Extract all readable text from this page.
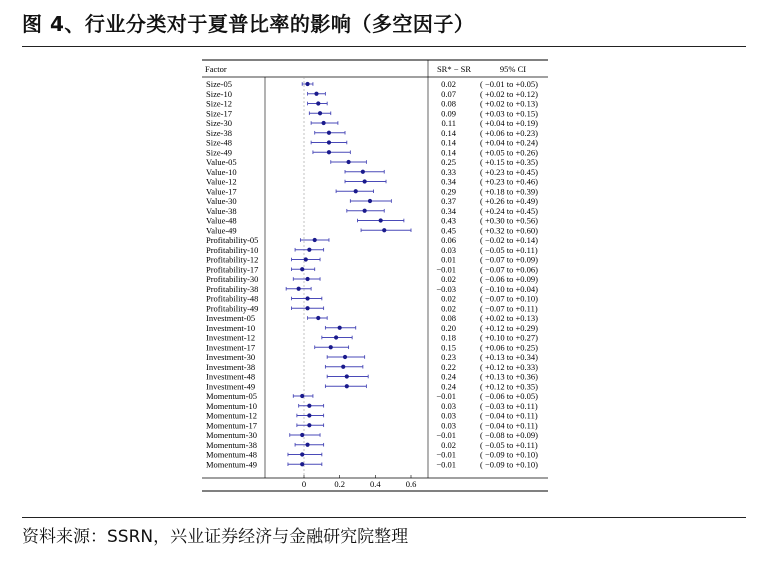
图 4、行业分类对于夏普比率的影响（多空因子）
Factor	SR* − SR	95% CI
Size-05	0.02	( −0.01 to +0.05)
Size-10	0.07	( +0.02 to +0.12)
Size-12	0.08	( +0.02 to +0.13)
Size-17	0.09	( +0.03 to +0.15)
Size-30	0.11	( +0.04 to +0.19)
Size-38	0.14	( +0.06 to +0.23)
Size-48	0.14	( +0.04 to +0.24)
Size-49	0.14	( +0.05 to +0.26)
Value-05	0.25	( +0.15 to +0.35)
Value-10	0.33	( +0.23 to +0.45)
Value-12	0.34	( +0.23 to +0.46)
Value-17	0.29	( +0.18 to +0.39)
Value-30	0.37	( +0.26 to +0.49)
Value-38	0.34	( +0.24 to +0.45)
Value-48	0.43	( +0.30 to +0.56)
Value-49	0.45	( +0.32 to +0.60)
Profitability-05	0.06	( −0.02 to +0.14)
Profitability-10	0.03	( −0.05 to +0.11)
Profitability-12	0.01	( −0.07 to +0.09)
Profitability-17	−0.01	( −0.07 to +0.06)
Profitability-30	0.02	( −0.06 to +0.09)
Profitability-38	−0.03	( −0.10 to +0.04)
Profitability-48	0.02	( −0.07 to +0.10)
Profitability-49	0.02	( −0.07 to +0.11)
Investment-05	0.08	( +0.02 to +0.13)
Investment-10	0.20	( +0.12 to +0.29)
Investment-12	0.18	( +0.10 to +0.27)
Investment-17	0.15	( +0.06 to +0.25)
Investment-30	0.23	( +0.13 to +0.34)
Investment-38	0.22	( +0.12 to +0.33)
Investment-48	0.24	( +0.13 to +0.36)
Investment-49	0.24	( +0.12 to +0.35)
Momentum-05	−0.01	( −0.06 to +0.05)
Momentum-10	0.03	( −0.03 to +0.11)
Momentum-12	0.03	( −0.04 to +0.11)
Momentum-17	0.03	( −0.04 to +0.11)
Momentum-30	−0.01	( −0.08 to +0.09)
Momentum-38	0.02	( −0.05 to +0.11)
Momentum-48	−0.01	( −0.09 to +0.10)
Momentum-49	−0.01	( −0.09 to +0.10)
0	0.2	0.4	0.6
资料来源：SSRN，兴业证券经济与金融研究院整理
